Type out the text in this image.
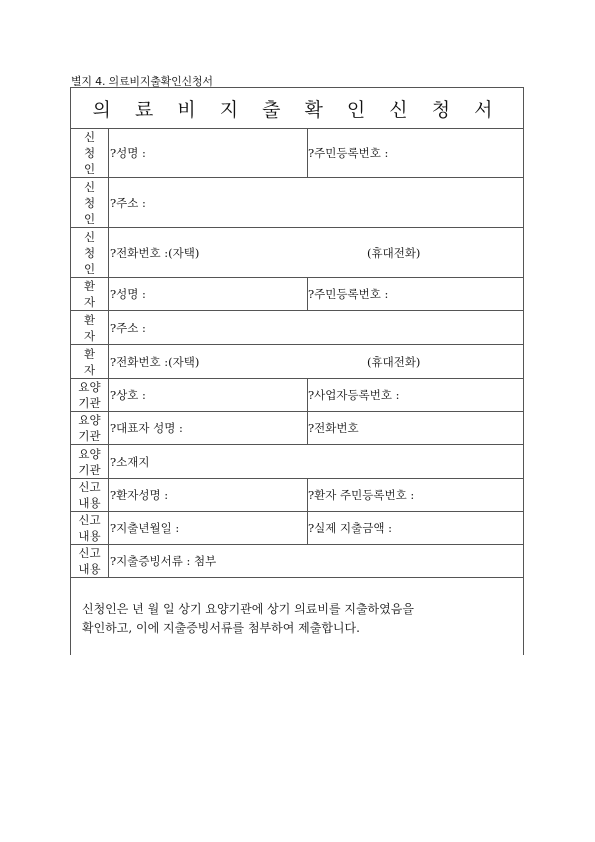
별지 4. 의료비지출확인신청서
의 료 비 지 출 확 인 신 청 서
신
청
인
?성명 :	?주민등록번호 :
신
청
인
?주소 :
신
청
인
?전화번호 :(자택)	(휴대전화)
환
자
?성명 :	?주민등록번호 :
환
자
?주소 :
환
자
?전화번호 :(자택)	(휴대전화)
요양
기관
?상호 :	?사업자등록번호 :
요양
기관
?대표자 성명 :	?전화번호
요양
기관
?소재지
신고
내용
?환자성명 :	?환자 주민등록번호 :
신고
내용
?지출년월일 :	?실제 지출금액 :
신고
내용
?지출증빙서류 : 첨부

신청인은 년 월 일 상기 요양기관에 상기 의료비를 지출하였음을

확인하고, 이에 지출증빙서류를 첨부하여 제출합니다.
